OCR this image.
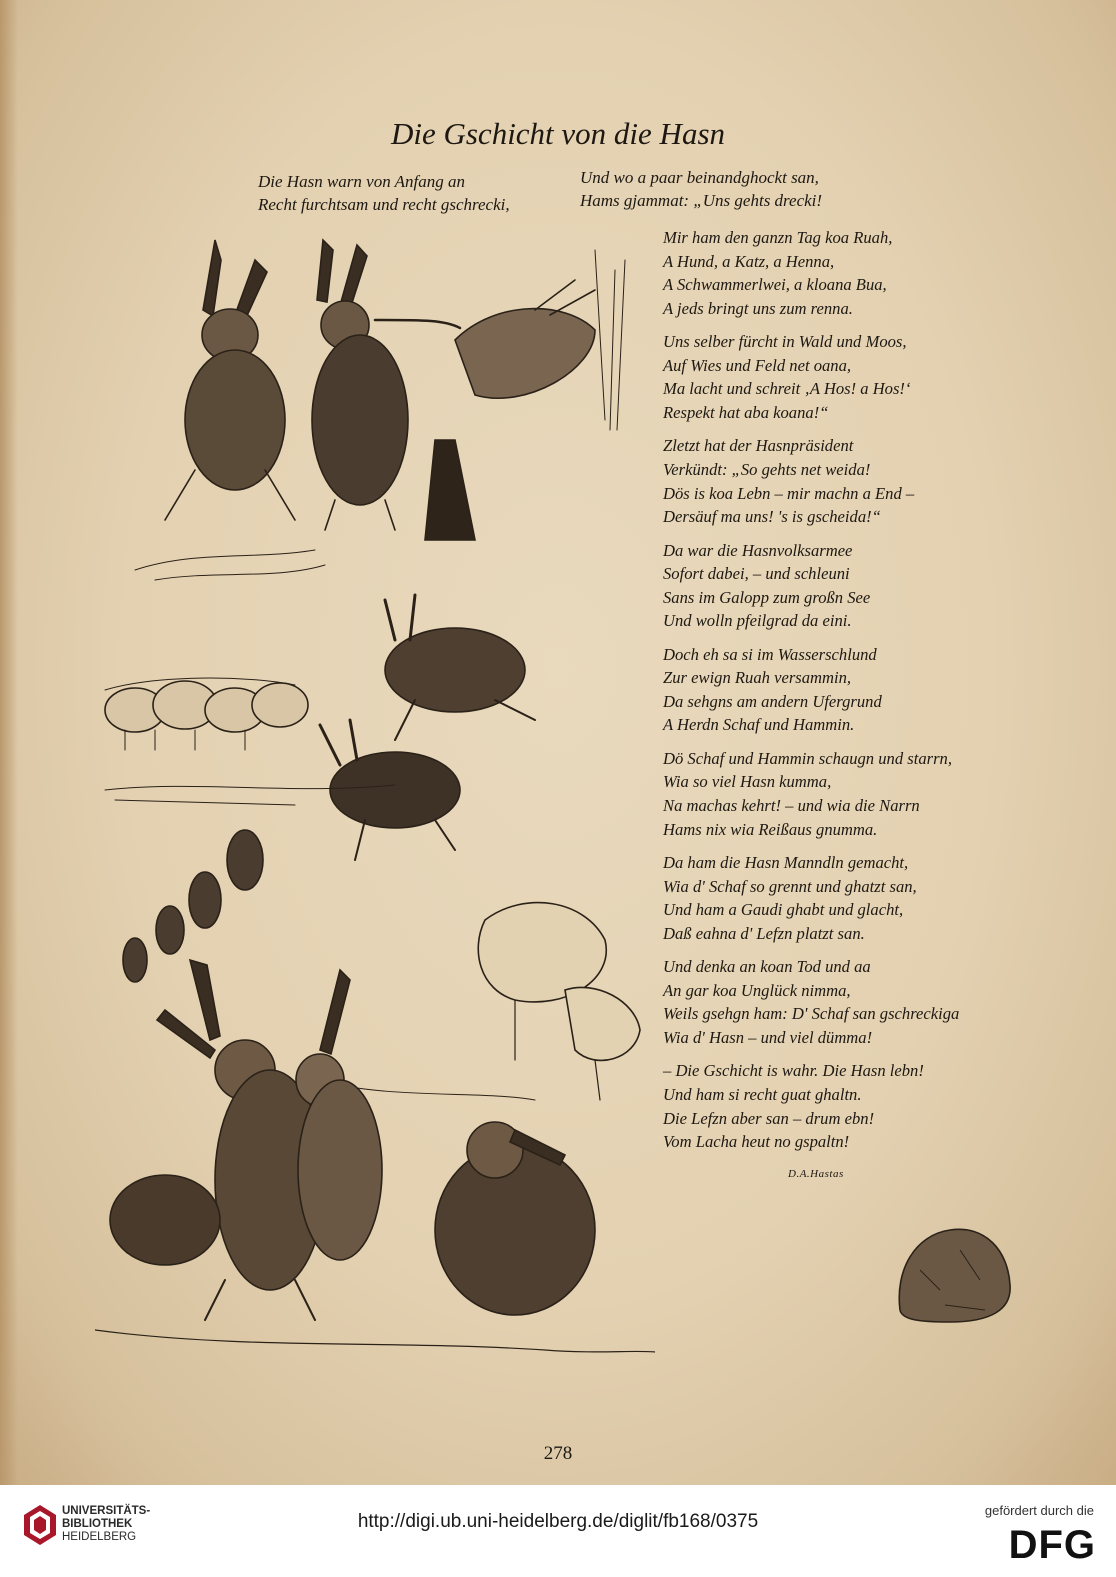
Die Gschicht von die Hasn
Die Hasn warn von Anfang an
Recht furchtsam und recht gschrecki,
Und wo a paar beinandghockt san,
Hams gjammat: „Uns gehts drecki!
Mir ham den ganzn Tag koa Ruah,
A Hund, a Katz, a Henna,
A Schwammerlwei, a kloana Bua,
A jeds bringt uns zum renna.
Uns selber fürcht in Wald und Moos,
Auf Wies und Feld net oana,
Ma lacht und schreit ‚A Hos! a Hos!‘
Respekt hat aba koana!“
Zletzt hat der Hasnpräsident
Verkündt: „So gehts net weida!
Dös is koa Lebn – mir machn a End –
Dersäuf ma uns! 's is gscheida!“
Da war die Hasnvolksarmee
Sofort dabei, – und schleuni
Sans im Galopp zum großn See
Und wolln pfeilgrad da eini.
Doch eh sa si im Wasserschlund
Zur ewign Ruah versammin,
Da sehgns am andern Ufergrund
A Herdn Schaf und Hammin.
Dö Schaf und Hammin schaugn und starrn,
Wia so viel Hasn kumma,
Na machas kehrt! – und wia die Narrn
Hams nix wia Reißaus gnumma.
Da ham die Hasn Manndln gemacht,
Wia d' Schaf so grennt und ghatzt san,
Und ham a Gaudi ghabt und glacht,
Daß eahna d' Lefzn platzt san.
Und denka an koan Tod und aa
An gar koa Unglück nimma,
Weils gsehgn ham: D' Schaf san gschreckiga
Wia d' Hasn – und viel dümma!
– Die Gschicht is wahr. Die Hasn lebn!
Und ham si recht guat ghaltn.
Die Lefzn aber san – drum ebn!
Vom Lacha heut no gspaltn!
D.A.Hastas
278
UNIVERSITÄTS-
BIBLIOTHEK
HEIDELBERG
http://digi.ub.uni-heidelberg.de/diglit/fb168/0375
gefördert durch die
DFG
